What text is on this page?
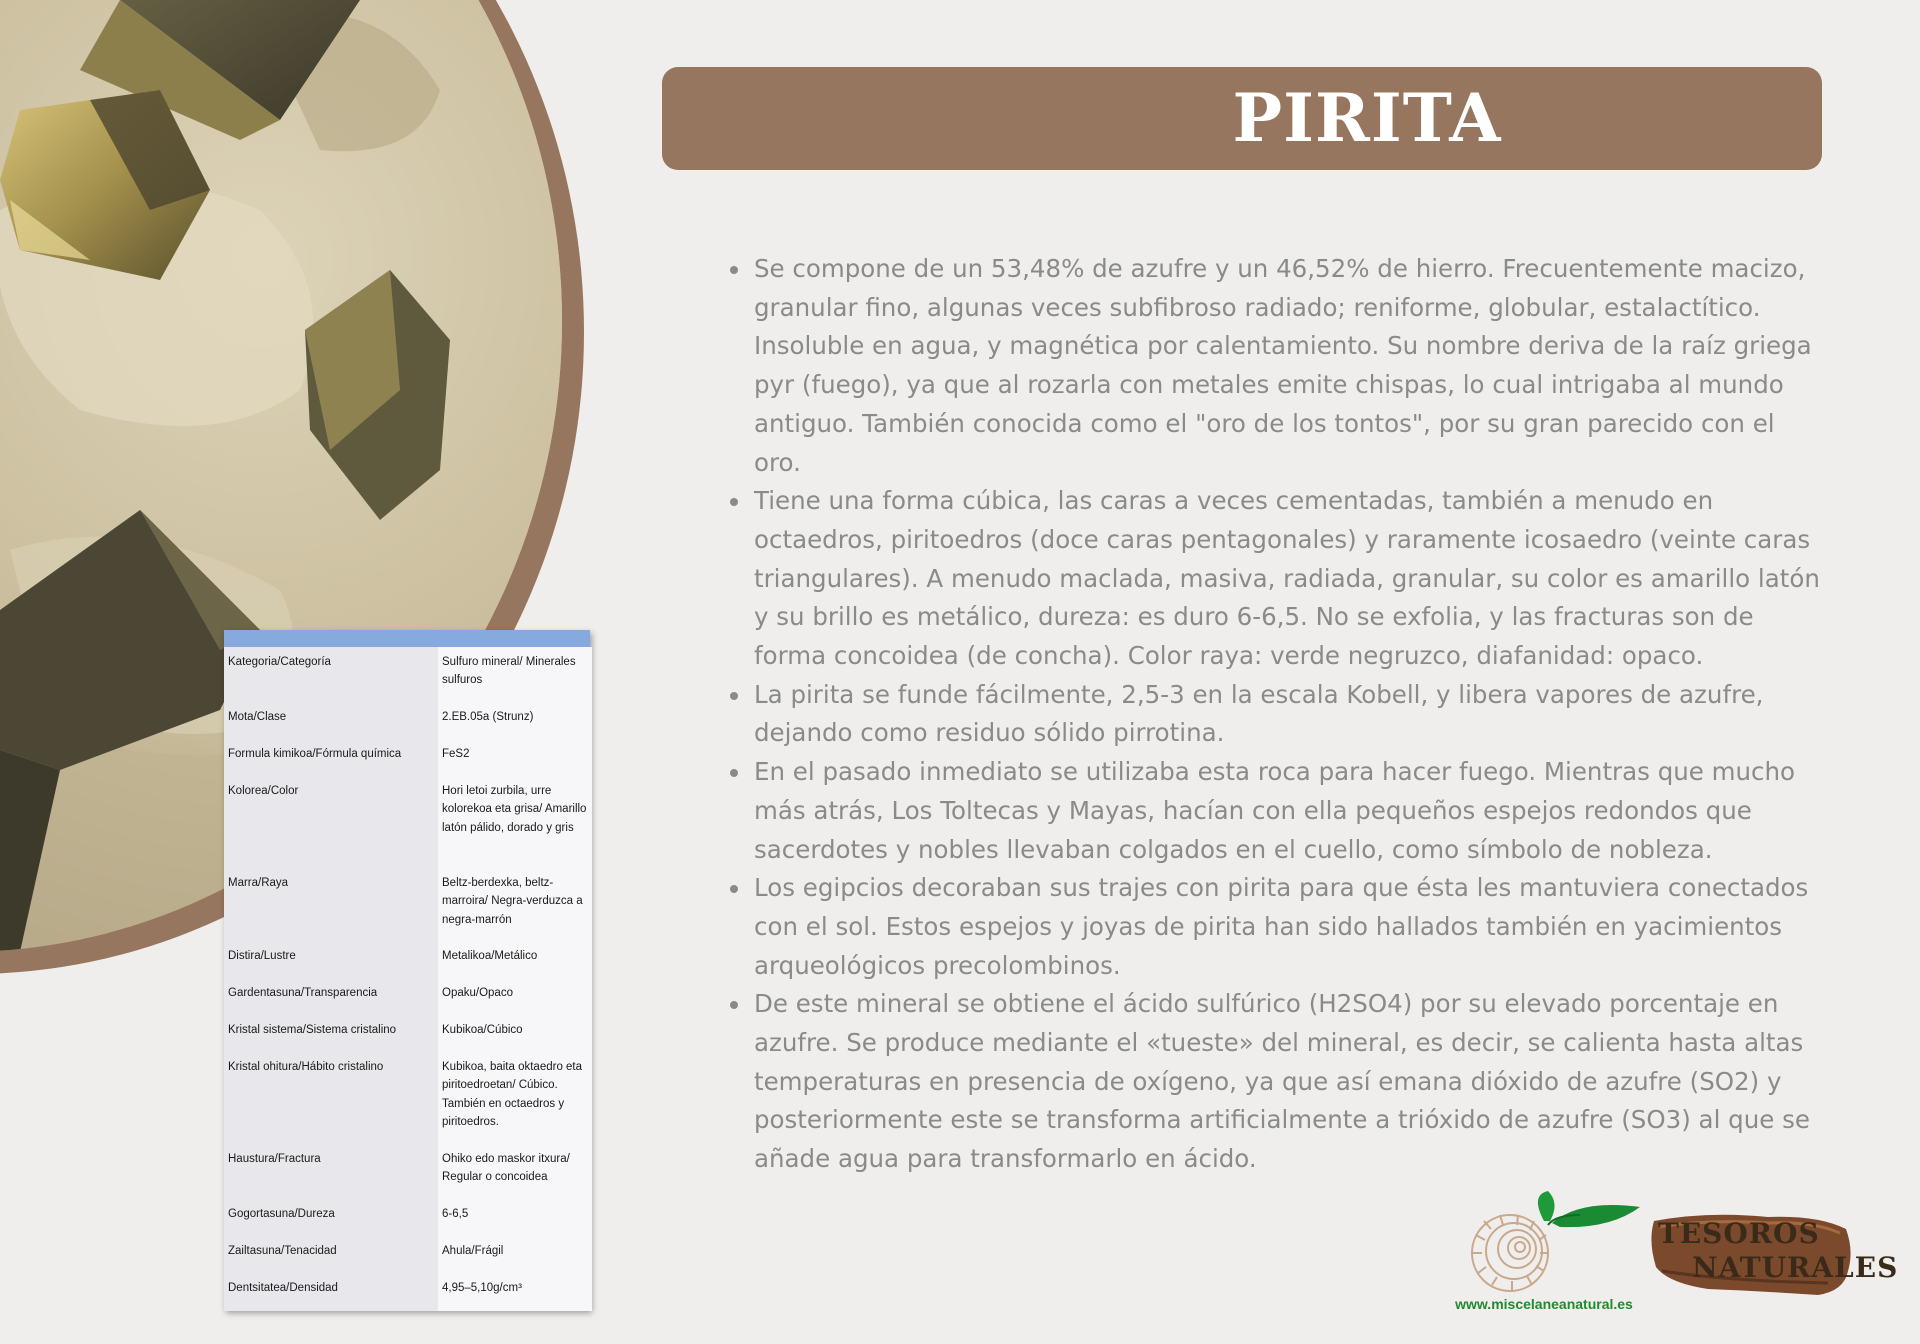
PIRITA
• Se compone de un 53,48% de azufre y un 46,52% de hierro. Frecuentemente macizo, granular fino, algunas veces subfibroso radiado; reniforme, globular, estalactítico. Insoluble en agua, y magnética por calentamiento. Su nombre deriva de la raíz griega pyr (fuego), ya que al rozarla con metales emite chispas, lo cual intrigaba al mundo antiguo. También conocida como el "oro de los tontos", por su gran parecido con el oro.
• Tiene una forma cúbica, las caras a veces cementadas, también a menudo en octaedros, piritoedros (doce caras pentagonales) y raramente icosaedro (veinte caras triangulares). A menudo maclada, masiva, radiada, granular, su color es amarillo latón y su brillo es metálico, dureza: es duro 6-6,5. No se exfolia, y las fracturas son de forma concoidea (de concha). Color raya: verde negruzco, diafanidad: opaco.
• La pirita se funde fácilmente, 2,5-3 en la escala Kobell, y libera vapores de azufre, dejando como residuo sólido pirrotina.
• En el pasado inmediato se utilizaba esta roca para hacer fuego. Mientras que mucho más atrás, Los Toltecas y Mayas, hacían con ella pequeños espejos redondos que sacerdotes y nobles llevaban colgados en el cuello, como símbolo de nobleza.
• Los egipcios decoraban sus trajes con pirita para que ésta les mantuviera conectados con el sol. Estos espejos y joyas de pirita han sido hallados también en yacimientos arqueológicos precolombinos.
• De este mineral se obtiene el ácido sulfúrico (H2SO4) por su elevado porcentaje en azufre. Se produce mediante el «tueste» del mineral, es decir, se calienta hasta altas temperaturas en presencia de oxígeno, ya que así emana dióxido de azufre (SO2) y posteriormente este se transforma artificialmente a trióxido de azufre (SO3) al que se añade agua para transformarlo en ácido.
Kategoria/Categoría	Sulfuro mineral/ Minerales sulfuros
Mota/Clase	2.EB.05a (Strunz)
Formula kimikoa/Fórmula química	FeS2
Kolorea/Color	Hori letoi zurbila, urre kolorekoa eta grisa/ Amarillo latón pálido, dorado y gris
Marra/Raya	Beltz-berdexka, beltz-marroira/ Negra-verduzca a negra-marrón
Distira/Lustre	Metalikoa/Metálico
Gardentasuna/Transparencia	Opaku/Opaco
Kristal sistema/Sistema cristalino	Kubikoa/Cúbico
Kristal ohitura/Hábito cristalino	Kubikoa, baita oktaedro eta piritoedroetan/ Cúbico. También en octaedros y piritoedros.
Haustura/Fractura	Ohiko edo maskor itxura/ Regular o concoidea
Gogortasuna/Dureza	6-6,5
Zailtasuna/Tenacidad	Ahula/Frágil
Dentsitatea/Densidad	4,95–5,10g/cm³
www.miscelaneanatural.es
TESOROS
NATURALES
